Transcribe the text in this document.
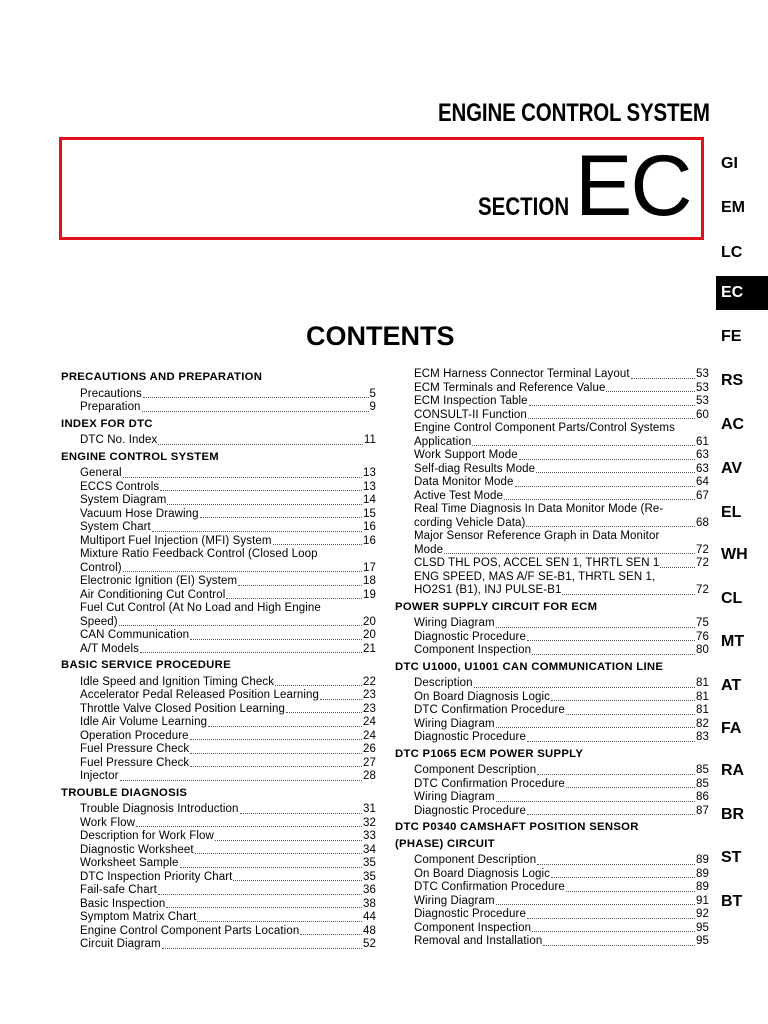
ENGINE CONTROL SYSTEM
SECTION EC
CONTENTS
GI
EM
LC
EC
FE
RS
AC
AV
EL
WH
CL
MT
AT
FA
RA
BR
ST
BT
PRECAUTIONS AND PREPARATION
Precautions	5
Preparation	9
INDEX FOR DTC
DTC No. Index	11
ENGINE CONTROL SYSTEM
General	13
ECCS Controls	13
System Diagram	14
Vacuum Hose Drawing	15
System Chart	16
Multiport Fuel Injection (MFI) System	16
Mixture Ratio Feedback Control (Closed Loop
Control)	17
Electronic Ignition (EI) System	18
Air Conditioning Cut Control	19
Fuel Cut Control (At No Load and High Engine
Speed)	20
CAN Communication	20
A/T Models	21
BASIC SERVICE PROCEDURE
Idle Speed and Ignition Timing Check	22
Accelerator Pedal Released Position Learning	23
Throttle Valve Closed Position Learning	23
Idle Air Volume Learning	24
Operation Procedure	24
Fuel Pressure Check	26
Fuel Pressure Check	27
Injector	28
TROUBLE DIAGNOSIS
Trouble Diagnosis Introduction	31
Work Flow	32
Description for Work Flow	33
Diagnostic Worksheet	34
Worksheet Sample	35
DTC Inspection Priority Chart	35
Fail-safe Chart	36
Basic Inspection	38
Symptom Matrix Chart	44
Engine Control Component Parts Location	48
Circuit Diagram	52
ECM Harness Connector Terminal Layout	53
ECM Terminals and Reference Value	53
ECM Inspection Table	53
CONSULT-II Function	60
Engine Control Component Parts/Control Systems
Application	61
Work Support Mode	63
Self-diag Results Mode	63
Data Monitor Mode	64
Active Test Mode	67
Real Time Diagnosis In Data Monitor Mode (Re-
cording Vehicle Data)	68
Major Sensor Reference Graph in Data Monitor
Mode	72
CLSD THL POS, ACCEL SEN 1, THRTL SEN 1	72
ENG SPEED, MAS A/F SE-B1, THRTL SEN 1,
HO2S1 (B1), INJ PULSE-B1	72
POWER SUPPLY CIRCUIT FOR ECM
Wiring Diagram	75
Diagnostic Procedure	76
Component Inspection	80
DTC U1000, U1001 CAN COMMUNICATION LINE
Description	81
On Board Diagnosis Logic	81
DTC Confirmation Procedure	81
Wiring Diagram	82
Diagnostic Procedure	83
DTC P1065 ECM POWER SUPPLY
Component Description	85
DTC Confirmation Procedure	85
Wiring Diagram	86
Diagnostic Procedure	87
DTC P0340 CAMSHAFT POSITION SENSOR
(PHASE) CIRCUIT
Component Description	89
On Board Diagnosis Logic	89
DTC Confirmation Procedure	89
Wiring Diagram	91
Diagnostic Procedure	92
Component Inspection	95
Removal and Installation	95
